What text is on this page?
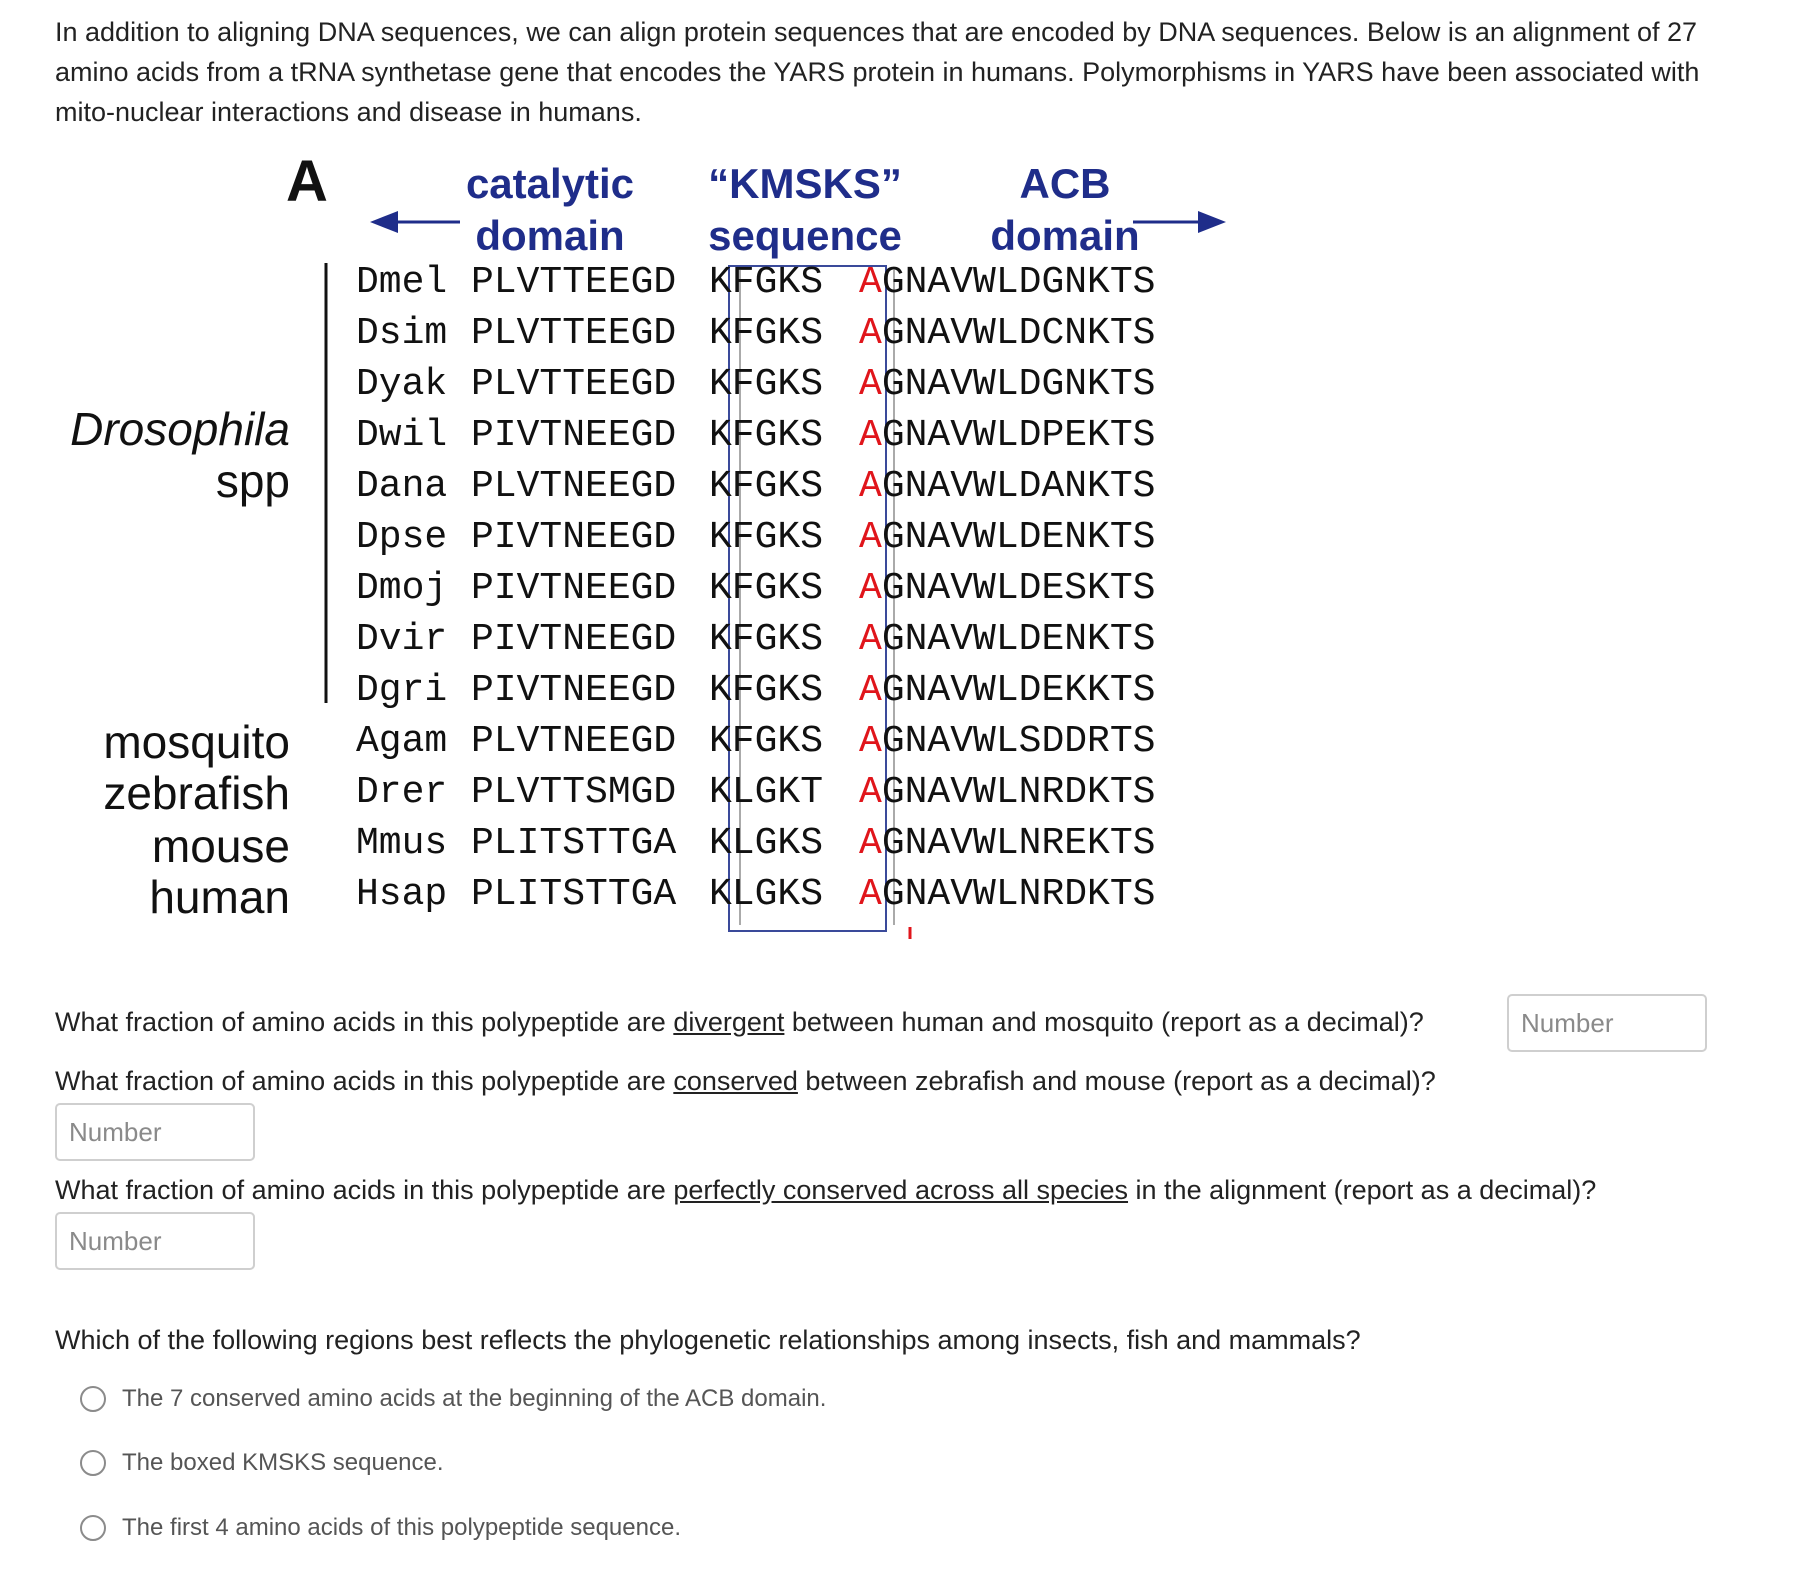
In addition to aligning DNA sequences, we can align protein sequences that are encoded by DNA sequences. Below is an alignment of 27 amino acids from a tRNA synthetase gene that encodes the YARS protein in humans. Polymorphisms in YARS have been associated with mito-nuclear interactions and disease in humans.
A	catalytic
domain
“KMSKS”
sequence
ACB
domain
Drosophila
spp
mosquito
zebrafish
mouse
human
Dmel PLVTTEEGD KFGKS AGNAVWLDGNKTS
Dsim PLVTTEEGD KFGKS AGNAVWLDCNKTS
Dyak PLVTTEEGD KFGKS AGNAVWLDGNKTS
Dwil PIVTNEEGD KFGKS AGNAVWLDPEKTS
Dana PLVTNEEGD KFGKS AGNAVWLDANKTS
Dpse PIVTNEEGD KFGKS AGNAVWLDENKTS
Dmoj PIVTNEEGD KFGKS AGNAVWLDESKTS
Dvir PIVTNEEGD KFGKS AGNAVWLDENKTS
Dgri PIVTNEEGD KFGKS AGNAVWLDEKKTS
Agam PLVTNEEGD KFGKS AGNAVWLSDDRTS
Drer PLVTTSMGD KLGKT AGNAVWLNRDKTS
Mmus PLITSTTGA KLGKS AGNAVWLNREKTS
Hsap PLITSTTGA KLGKS AGNAVWLNRDKTS
What fraction of amino acids in this polypeptide are divergent between human and mosquito (report as a decimal)?
Number
What fraction of amino acids in this polypeptide are conserved between zebrafish and mouse (report as a decimal)?
Number
What fraction of amino acids in this polypeptide are perfectly conserved across all species in the alignment (report as a decimal)?
Number
Which of the following regions best reflects the phylogenetic relationships among insects, fish and mammals?
The 7 conserved amino acids at the beginning of the ACB domain.
The boxed KMSKS sequence.
The first 4 amino acids of this polypeptide sequence.
